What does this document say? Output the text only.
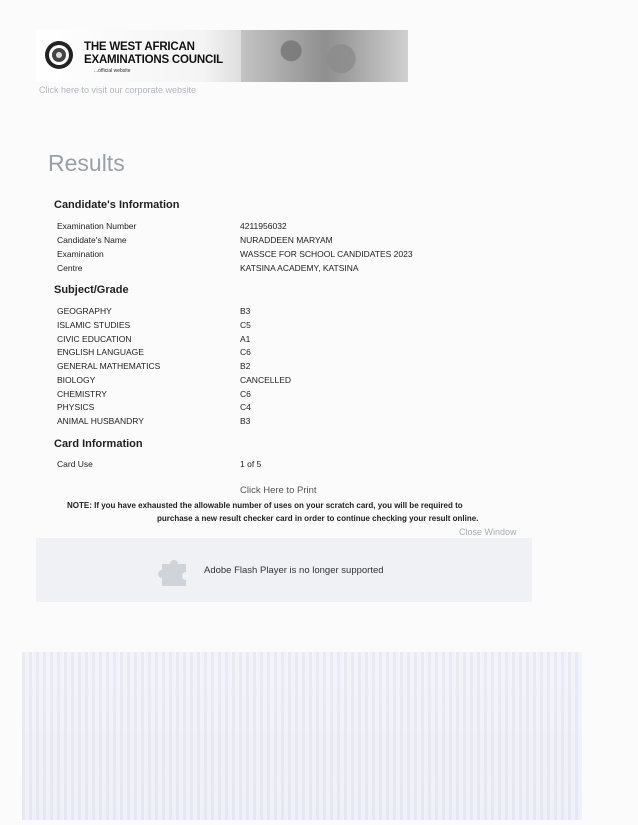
THE WEST AFRICAN
EXAMINATIONS COUNCIL
...official website
Click here to visit our corporate website
Results
Candidate's Information
Examination Number	4211956032
Candidate's Name	NURADDEEN MARYAM
Examination	WASSCE FOR SCHOOL CANDIDATES 2023
Centre	KATSINA ACADEMY, KATSINA
Subject/Grade
GEOGRAPHY	B3
ISLAMIC STUDIES	C5
CIVIC EDUCATION	A1
ENGLISH LANGUAGE	C6
GENERAL MATHEMATICS	B2
BIOLOGY	CANCELLED
CHEMISTRY	C6
PHYSICS	C4
ANIMAL HUSBANDRY	B3
Card Information
Card Use	1 of 5
Click Here to Print
NOTE: If you have exhausted the allowable number of uses on your scratch card, you will be required to
purchase a new result checker card in order to continue checking your result online.
Close Window
Adobe Flash Player is no longer supported
